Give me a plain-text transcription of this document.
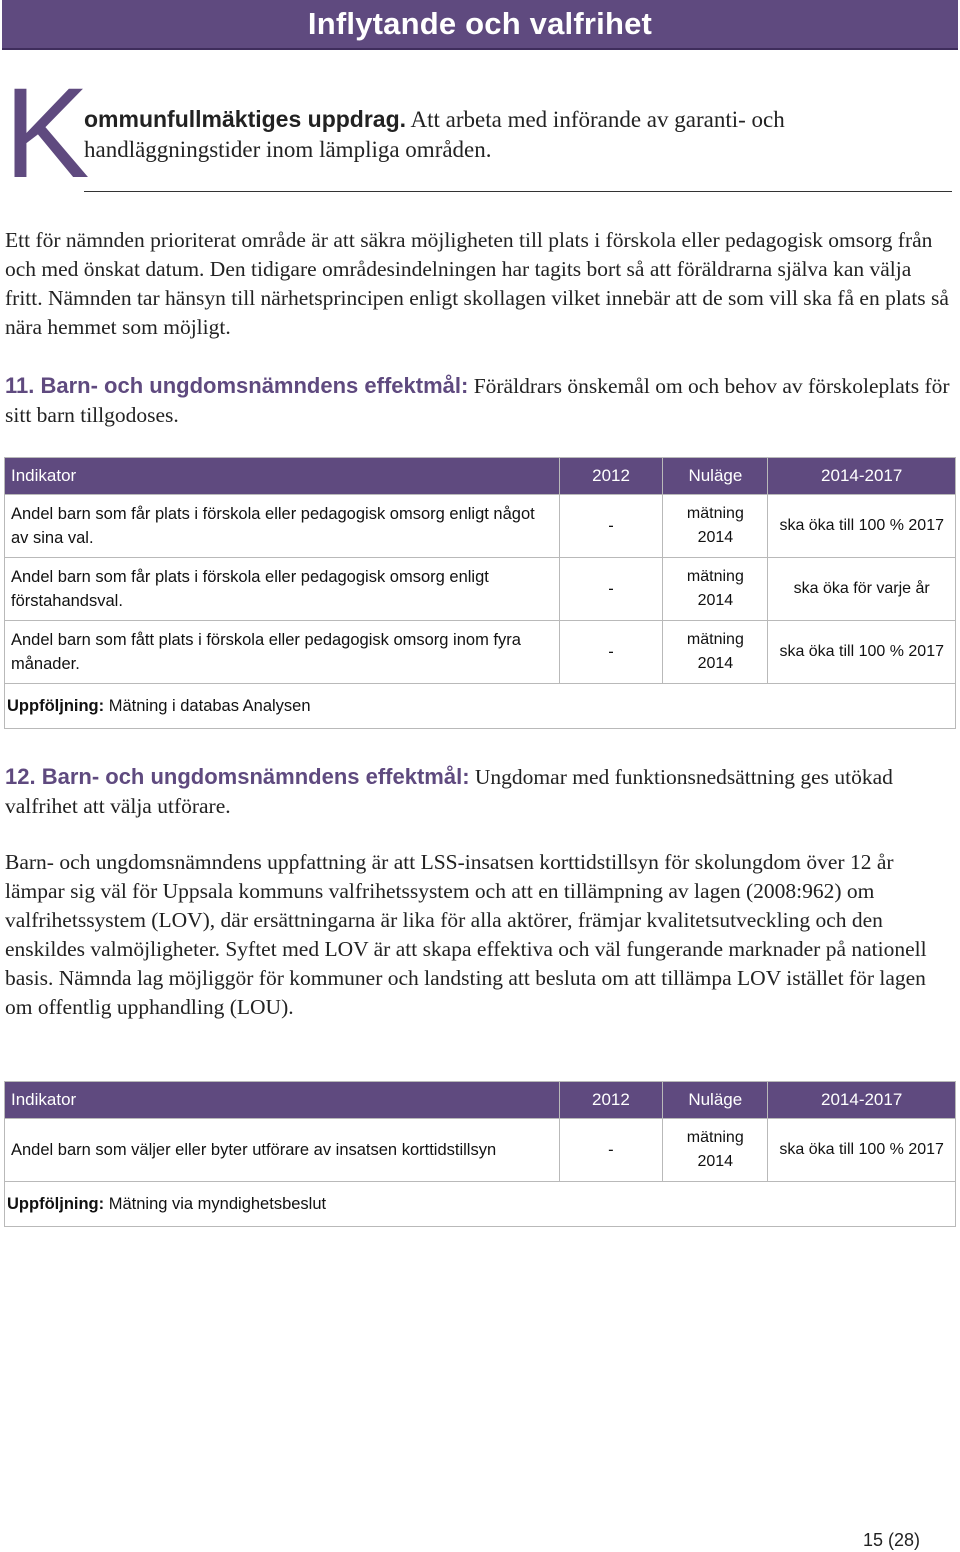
Inflytande och valfrihet
K
ommunfullmäktiges uppdrag. Att arbeta med införande av garanti- och handläggningstider inom lämpliga områden.

Ett för nämnden prioriterat område är att säkra möjligheten till plats i förskola eller pedagogisk omsorg från och med önskat datum. Den tidigare områdesindelningen har tagits bort så att föräldrarna själva kan välja fritt. Nämnden tar hänsyn till närhetsprincipen enligt skollagen vilket innebär att de som vill ska få en plats så nära hemmet som möjligt.

11. Barn- och ungdomsnämndens effektmål: Föräldrars önskemål om och behov av förskoleplats för sitt barn tillgodoses.

Indikator	2012	Nuläge	2014-2017
Andel barn som får plats i förskola eller pedagogisk omsorg enligt något av sina val.	-	mätning 2014	ska öka till 100 % 2017
Andel barn som får plats i förskola eller pedagogisk omsorg enligt förstahandsval.	-	mätning 2014	ska öka för varje år
Andel barn som fått plats i förskola eller pedagogisk omsorg inom fyra månader.	-	mätning 2014	ska öka till 100 % 2017
Uppföljning: Mätning i databas Analysen			

12. Barn- och ungdomsnämndens effektmål: Ungdomar med funktionsnedsättning ges utökad valfrihet att välja utförare.

Barn- och ungdomsnämndens uppfattning är att LSS-insatsen korttidstillsyn för skolungdom över 12 år lämpar sig väl för Uppsala kommuns valfrihetssystem och att en tillämpning av lagen (2008:962) om valfrihetssystem (LOV), där ersättningarna är lika för alla aktörer, främjar kvalitetsutveckling och den enskildes valmöjligheter. Syftet med LOV är att skapa effektiva och väl fungerande marknader på nationell basis. Nämnda lag möjliggör för kommuner och landsting att besluta om att tillämpa LOV istället för lagen om offentlig upphandling (LOU).

Indikator	2012	Nuläge	2014-2017
Andel barn som väljer eller byter utförare av insatsen korttidstillsyn	-	mätning 2014	ska öka till 100 % 2017
Uppföljning: Mätning via myndighetsbeslut			
15 (28)
